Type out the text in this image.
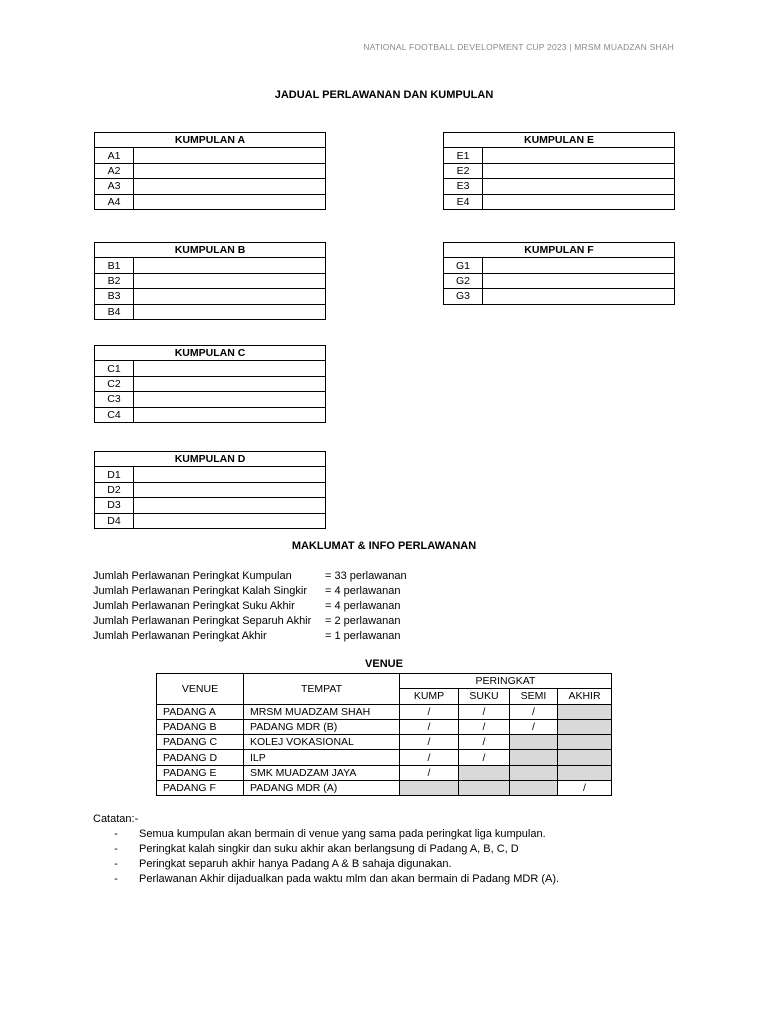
NATIONAL FOOTBALL DEVELOPMENT CUP 2023 | MRSM MUADZAN SHAH
JADUAL PERLAWANAN DAN KUMPULAN
KUMPULAN A	
A1	
A2	
A3	
A4	
KUMPULAN E	
E1	
E2	
E3	
E4	
KUMPULAN B	
B1	
B2	
B3	
B4	
KUMPULAN F	
G1	
G2	
G3	
KUMPULAN C	
C1	
C2	
C3	
C4	
KUMPULAN D	
D1	
D2	
D3	
D4	
MAKLUMAT & INFO PERLAWANAN
Jumlah Perlawanan Peringkat Kumpulan	= 33 perlawanan
Jumlah Perlawanan Peringkat Kalah Singkir = 4 perlawanan
Jumlah Perlawanan Peringkat Suku Akhir	= 4 perlawanan
Jumlah Perlawanan Peringkat Separuh Akhir = 2 perlawanan
Jumlah Perlawanan Peringkat Akhir	= 1 perlawanan
VENUE
VENUE	TEMPAT	PERINGKAT			
		KUMP	SUKU	SEMI	AKHIR
PADANG A	MRSM MUADZAM SHAH	/	/	/	
PADANG B	PADANG MDR (B)	/	/	/	
PADANG C	KOLEJ VOKASIONAL	/	/		
PADANG D	ILP	/	/		
PADANG E	SMK MUADZAM JAYA	/			
PADANG F	PADANG MDR (A)				/
Catatan:-
- Semua kumpulan akan bermain di venue yang sama pada peringkat liga kumpulan.
- Peringkat kalah singkir dan suku akhir akan berlangsung di Padang A, B, C, D
- Peringkat separuh akhir hanya Padang A & B sahaja digunakan.
- Perlawanan Akhir dijadualkan pada waktu mlm dan akan bermain di Padang MDR (A).
